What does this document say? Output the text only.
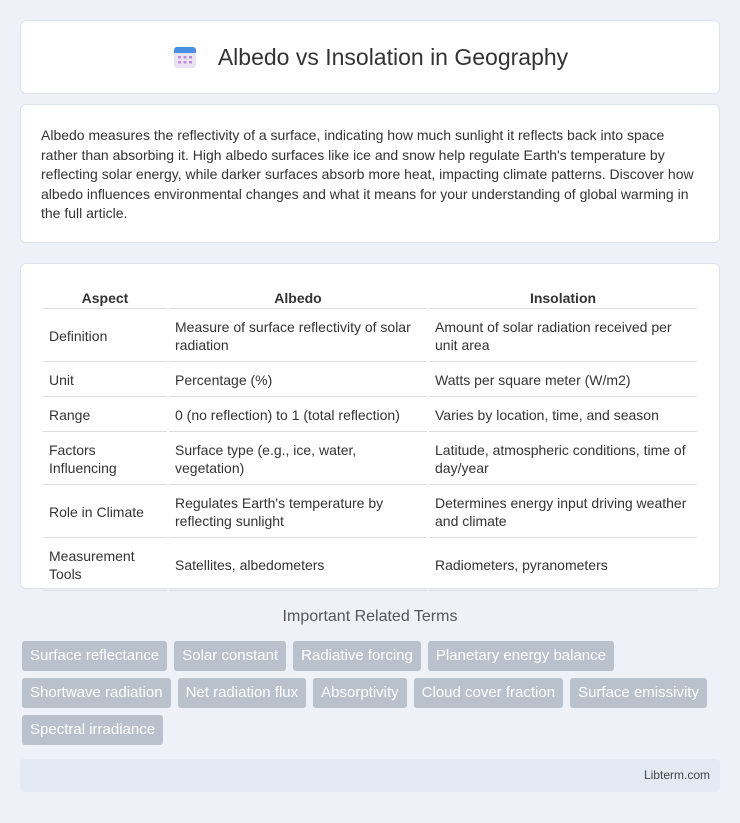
Albedo vs Insolation in Geography

Albedo measures the reflectivity of a surface, indicating how much sunlight it reflects back into space rather than absorbing it. High albedo surfaces like ice and snow help regulate Earth's temperature by reflecting solar energy, while darker surfaces absorb more heat, impacting climate patterns. Discover how albedo influences environmental changes and what it means for your understanding of global warming in the full article.

Aspect	Albedo	Insolation
Definition	Measure of surface reflectivity of solar radiation	Amount of solar radiation received per unit area
Unit	Percentage (%)	Watts per square meter (W/m2)
Range	0 (no reflection) to 1 (total reflection)	Varies by location, time, and season
Factors Influencing	Surface type (e.g., ice, water, vegetation)	Latitude, atmospheric conditions, time of day/year
Role in Climate	Regulates Earth's temperature by reflecting sunlight	Determines energy input driving weather and climate
Measurement Tools	Satellites, albedometers	Radiometers, pyranometers
Important Related Terms
Surface reflectance	Solar constant	Radiative forcing	Planetary energy balance
Shortwave radiation	Net radiation flux	Absorptivity	Cloud cover fraction	Surface emissivity
Spectral irradiance
Libterm.com
